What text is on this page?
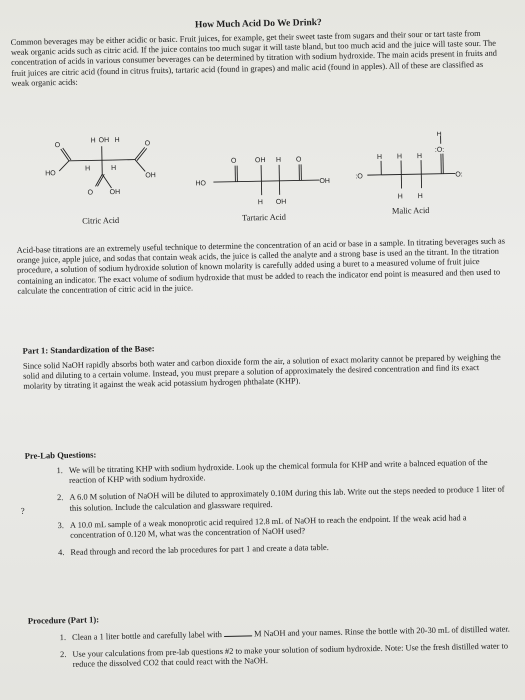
How Much Acid Do We Drink?

Common beverages may be either acidic or basic. Fruit juices, for example, get their sweet taste from sugars and their sour or tart taste from weak organic acids such as citric acid. If the juice contains too much sugar it will taste bland, but too much acid and the juice will taste sour. The concentration of acids in various consumer beverages can be determined by titration with sodium hydroxide. The main acids present in fruits and fruit juices are citric acid (found in citrus fruits), tartaric acid (found in grapes) and malic acid (found in apples). All of these are classified as weak organic acids:

O
H OH H	O
HO	OH
H	H
O OH
O	OH H O
HO	OH
H OH
H
H H H
:O:
:O	O:
H H
Citric Acid	Tartaric Acid
Malic Acid

Acid-base titrations are an extremely useful technique to determine the concentration of an acid or base in a sample. In titrating beverages such as orange juice, apple juice, and sodas that contain weak acids, the juice is called the analyte and a strong base is used an the titrant. In the titration procedure, a solution of sodium hydroxide solution of known molarity is carefully added using a buret to a measured volume of fruit juice containing an indicator. The exact volume of sodium hydroxide that must be added to reach the indicator end point is measured and then used to calculate the concentration of citric acid in the juice.

Part 1: Standardization of the Base:

Since solid NaOH rapidly absorbs both water and carbon dioxide form the air, a solution of exact molarity cannot be prepared by weighing the solid and diluting to a certain volume. Instead, you must prepare a solution of approximately the desired concentration and find its exact molarity by titrating it against the weak acid potassium hydrogen phthalate (KHP).

Pre-Lab Questions:

1. We will be titrating KHP with sodium hydroxide. Look up the chemical formula for KHP and write a balnced equation of the reaction of KHP with sodium hydroxide.
2. A 6.0 M solution of NaOH will be diluted to approximately 0.10M during this lab. Write out the steps needed to produce 1 liter of this solution. Include the calculation and glassware required.
3. A 10.0 mL sample of a weak monoprotic acid required 12.8 mL of NaOH to reach the endpoint. If the weak acid had a concentration of 0.120 M, what was the concentration of NaOH used?
4. Read through and record the lab procedures for part 1 and create a data table.

Procedure (Part 1):

1. Clean a 1 liter bottle and carefully label with	M NaOH and your names. Rinse the bottle with 20-30 mL of distilled water.
2. Use your calculations from pre-lab questions #2 to make your solution of sodium hydroxide. Note: Use the fresh distilled water to reduce the dissolved CO2 that could react with the NaOH.
?
